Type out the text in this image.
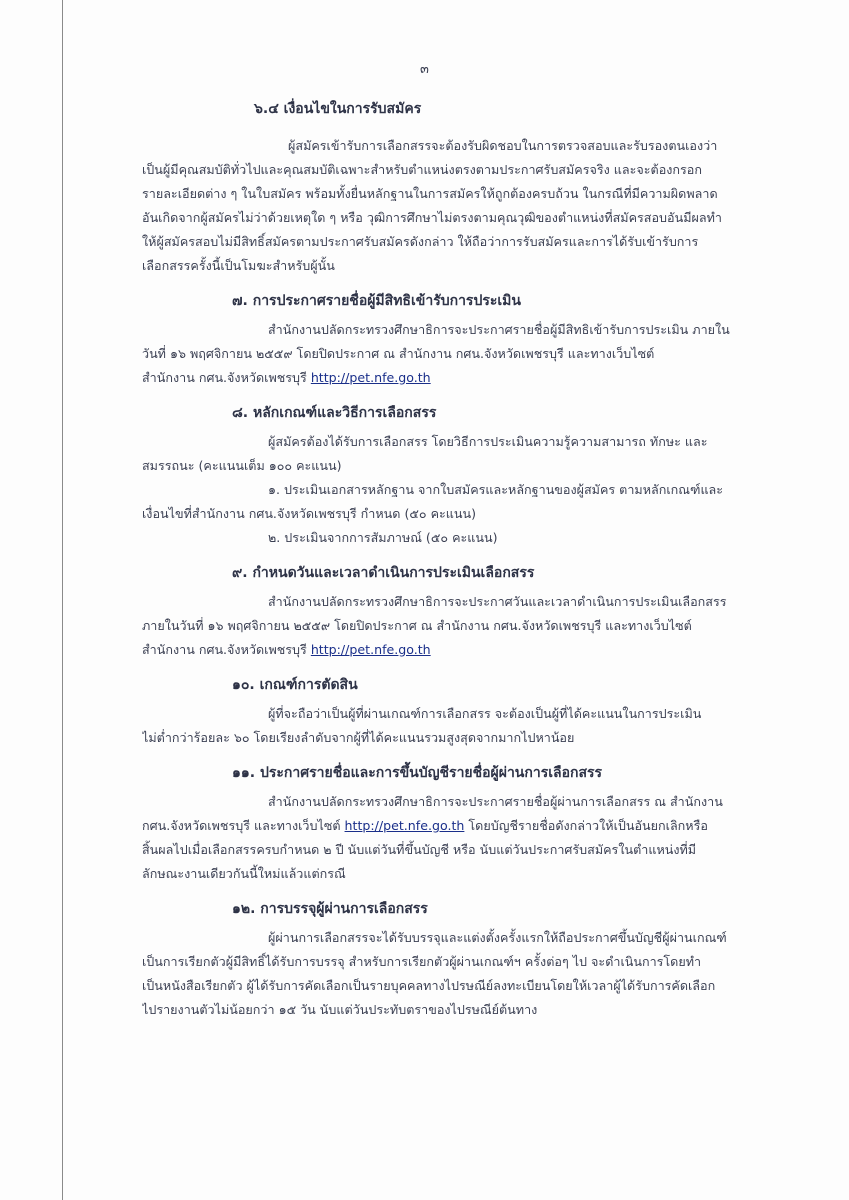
๓

๖.๔ เงื่อนไขในการรับสมัคร

ผู้สมัครเข้ารับการเลือกสรรจะต้องรับผิดชอบในการตรวจสอบและรับรองตนเองว่า

เป็นผู้มีคุณสมบัติทั่วไปและคุณสมบัติเฉพาะสำหรับตำแหน่งตรงตามประกาศรับสมัครจริง และจะต้องกรอก

รายละเอียดต่าง ๆ ในใบสมัคร พร้อมทั้งยื่นหลักฐานในการสมัครให้ถูกต้องครบถ้วน ในกรณีที่มีความผิดพลาด

อันเกิดจากผู้สมัครไม่ว่าด้วยเหตุใด ๆ หรือ วุฒิการศึกษาไม่ตรงตามคุณวุฒิของตำแหน่งที่สมัครสอบอันมีผลทำ

ให้ผู้สมัครสอบไม่มีสิทธิ์สมัครตามประกาศรับสมัครดังกล่าว ให้ถือว่าการรับสมัครและการได้รับเข้ารับการ

เลือกสรรครั้งนี้เป็นโมฆะสำหรับผู้นั้น

๗. การประกาศรายชื่อผู้มีสิทธิเข้ารับการประเมิน

สำนักงานปลัดกระทรวงศึกษาธิการจะประกาศรายชื่อผู้มีสิทธิเข้ารับการประเมิน ภายใน

วันที่ ๑๖ พฤศจิกายน ๒๕๕๙ โดยปิดประกาศ ณ สำนักงาน กศน.จังหวัดเพชรบุรี และทางเว็บไซต์

สำนักงาน กศน.จังหวัดเพชรบุรี http://pet.nfe.go.th

๘. หลักเกณฑ์และวิธีการเลือกสรร

ผู้สมัครต้องได้รับการเลือกสรร โดยวิธีการประเมินความรู้ความสามารถ ทักษะ และ

สมรรถนะ (คะแนนเต็ม ๑๐๐ คะแนน)

๑. ประเมินเอกสารหลักฐาน จากใบสมัครและหลักฐานของผู้สมัคร ตามหลักเกณฑ์และ

เงื่อนไขที่สำนักงาน กศน.จังหวัดเพชรบุรี กำหนด (๕๐ คะแนน)

๒. ประเมินจากการสัมภาษณ์ (๕๐ คะแนน)

๙. กำหนดวันและเวลาดำเนินการประเมินเลือกสรร

สำนักงานปลัดกระทรวงศึกษาธิการจะประกาศวันและเวลาดำเนินการประเมินเลือกสรร

ภายในวันที่ ๑๖ พฤศจิกายน ๒๕๕๙ โดยปิดประกาศ ณ สำนักงาน กศน.จังหวัดเพชรบุรี และทางเว็บไซต์

สำนักงาน กศน.จังหวัดเพชรบุรี http://pet.nfe.go.th

๑๐. เกณฑ์การตัดสิน

ผู้ที่จะถือว่าเป็นผู้ที่ผ่านเกณฑ์การเลือกสรร จะต้องเป็นผู้ที่ได้คะแนนในการประเมิน

ไม่ต่ำกว่าร้อยละ ๖๐ โดยเรียงลำดับจากผู้ที่ได้คะแนนรวมสูงสุดจากมากไปหาน้อย

๑๑. ประกาศรายชื่อและการขึ้นบัญชีรายชื่อผู้ผ่านการเลือกสรร

สำนักงานปลัดกระทรวงศึกษาธิการจะประกาศรายชื่อผู้ผ่านการเลือกสรร ณ สำนักงาน

กศน.จังหวัดเพชรบุรี และทางเว็บไซต์ http://pet.nfe.go.th โดยบัญชีรายชื่อดังกล่าวให้เป็นอันยกเลิกหรือ

สิ้นผลไปเมื่อเลือกสรรครบกำหนด ๒ ปี นับแต่วันที่ขึ้นบัญชี หรือ นับแต่วันประกาศรับสมัครในตำแหน่งที่มี

ลักษณะงานเดียวกันนี้ใหม่แล้วแต่กรณี

๑๒. การบรรจุผู้ผ่านการเลือกสรร

ผู้ผ่านการเลือกสรรจะได้รับบรรจุและแต่งตั้งครั้งแรกให้ถือประกาศขึ้นบัญชีผู้ผ่านเกณฑ์

เป็นการเรียกตัวผู้มีสิทธิ์ได้รับการบรรจุ สำหรับการเรียกตัวผู้ผ่านเกณฑ์ฯ ครั้งต่อๆ ไป จะดำเนินการโดยทำ

เป็นหนังสือเรียกตัว ผู้ได้รับการคัดเลือกเป็นรายบุคคลทางไปรษณีย์ลงทะเบียนโดยให้เวลาผู้ได้รับการคัดเลือก

ไปรายงานตัวไม่น้อยกว่า ๑๕ วัน นับแต่วันประทับตราของไปรษณีย์ต้นทาง
